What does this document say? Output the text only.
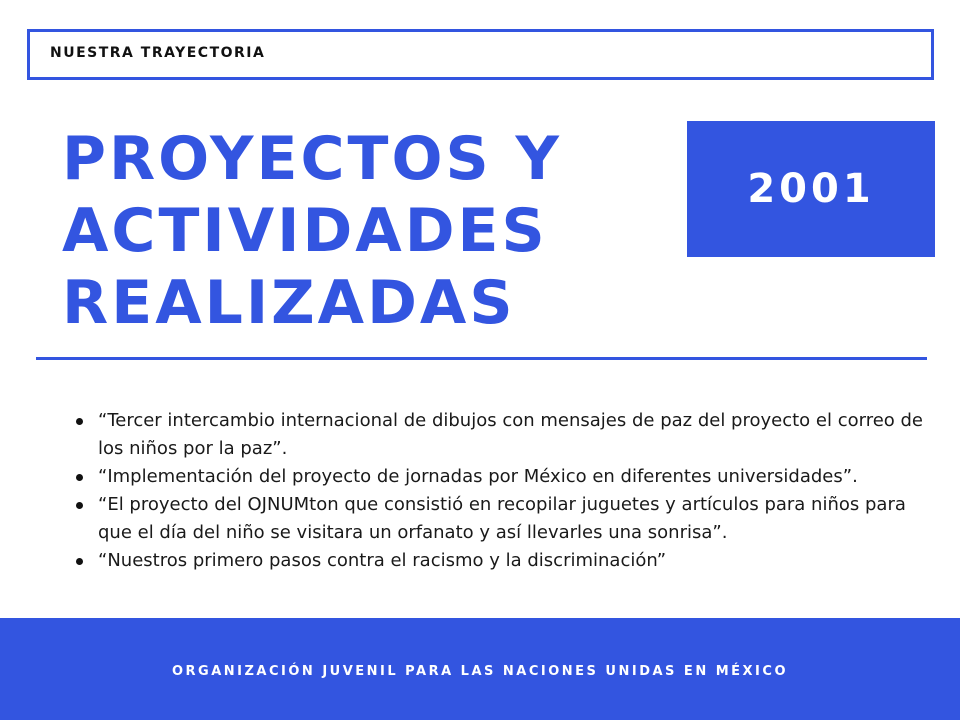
NUESTRA TRAYECTORIA
PROYECTOS Y
ACTIVIDADES
REALIZADAS
2001
“Tercer intercambio internacional de dibujos con mensajes de paz del proyecto el correo de los niños por la paz”.
“Implementación del proyecto de jornadas por México en diferentes universidades”.
“El proyecto del OJNUMton que consistió en recopilar juguetes y artículos para niños para que el día del niño se visitara un orfanato y así llevarles una sonrisa”.
“Nuestros primero pasos contra el racismo y la discriminación”
ORGANIZACIÓN JUVENIL PARA LAS NACIONES UNIDAS EN MÉXICO
